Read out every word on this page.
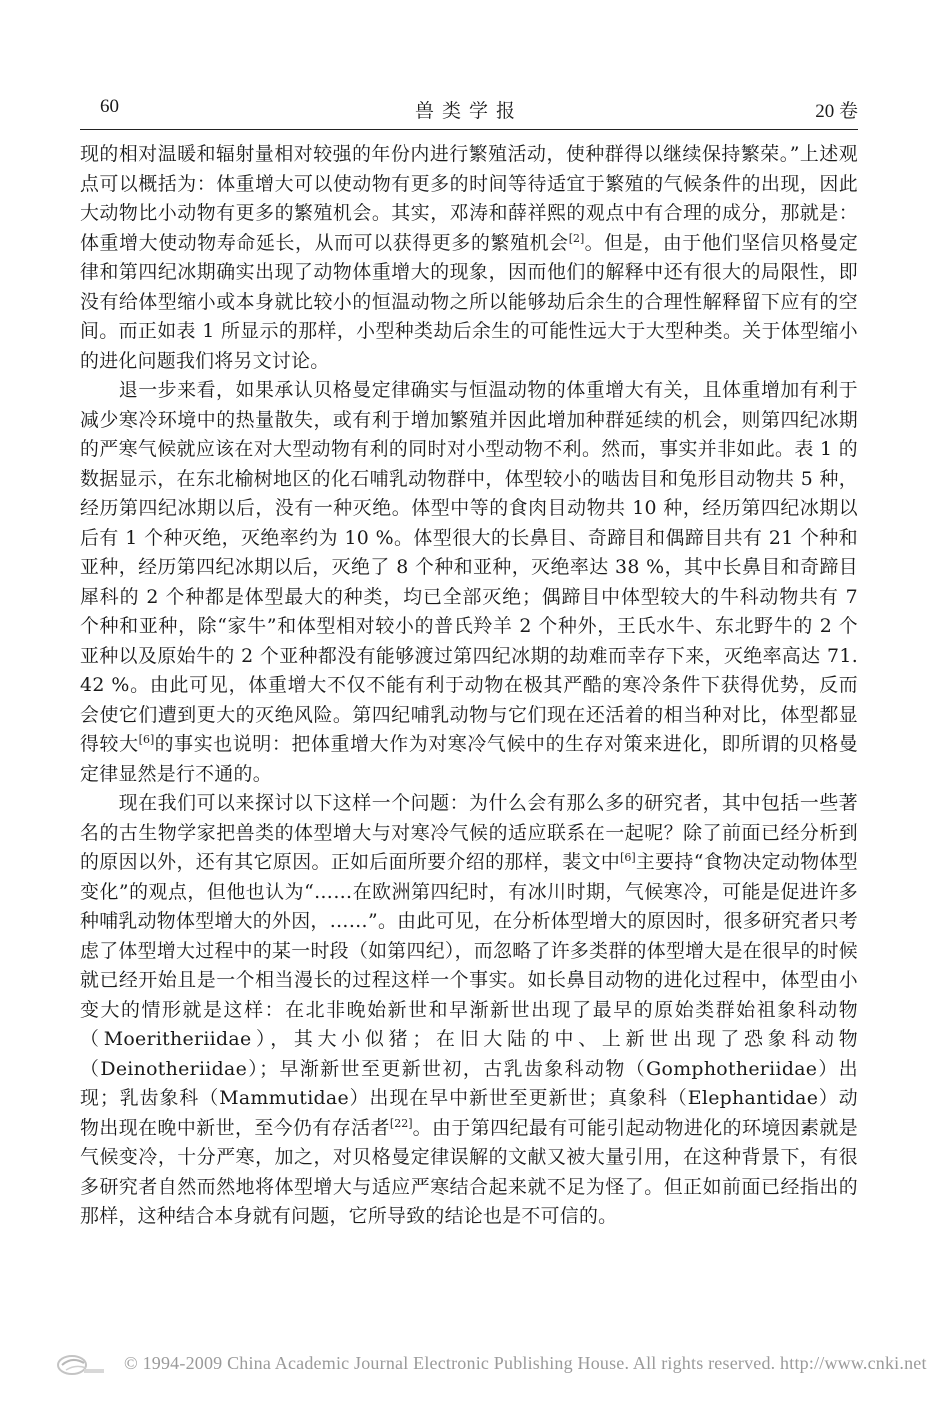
60	兽类学报	20 卷

现的相对温暖和辐射量相对较强的年份内进行繁殖活动，使种群得以继续保持繁荣。”上述观点可以概括为：体重增大可以使动物有更多的时间等待适宜于繁殖的气候条件的出现，因此大动物比小动物有更多的繁殖机会。其实，邓涛和薛祥熙的观点中有合理的成分，那就是：体重增大使动物寿命延长，从而可以获得更多的繁殖机会[2]。但是，由于他们坚信贝格曼定律和第四纪冰期确实出现了动物体重增大的现象，因而他们的解释中还有很大的局限性，即没有给体型缩小或本身就比较小的恒温动物之所以能够劫后余生的合理性解释留下应有的空间。而正如表 1 所显示的那样，小型种类劫后余生的可能性远大于大型种类。关于体型缩小的进化问题我们将另文讨论。

退一步来看，如果承认贝格曼定律确实与恒温动物的体重增大有关，且体重增加有利于减少寒冷环境中的热量散失，或有利于增加繁殖并因此增加种群延续的机会，则第四纪冰期的严寒气候就应该在对大型动物有利的同时对小型动物不利。然而，事实并非如此。表 1 的数据显示，在东北榆树地区的化石哺乳动物群中，体型较小的啮齿目和兔形目动物共 5 种，经历第四纪冰期以后，没有一种灭绝。体型中等的食肉目动物共 10 种，经历第四纪冰期以后有 1 个种灭绝，灭绝率约为 10 %。体型很大的长鼻目、奇蹄目和偶蹄目共有 21 个种和亚种，经历第四纪冰期以后，灭绝了 8 个种和亚种，灭绝率达 38 %，其中长鼻目和奇蹄目犀科的 2 个种都是体型最大的种类，均已全部灭绝；偶蹄目中体型较大的牛科动物共有 7 个种和亚种，除“家牛”和体型相对较小的普氏羚羊 2 个种外，王氏水牛、东北野牛的 2 个亚种以及原始牛的 2 个亚种都没有能够渡过第四纪冰期的劫难而幸存下来，灭绝率高达 71. 42 %。由此可见，体重增大不仅不能有利于动物在极其严酷的寒冷条件下获得优势，反而会使它们遭到更大的灭绝风险。第四纪哺乳动物与它们现在还活着的相当种对比，体型都显得较大[6]的事实也说明：把体重增大作为对寒冷气候中的生存对策来进化，即所谓的贝格曼定律显然是行不通的。

现在我们可以来探讨以下这样一个问题：为什么会有那么多的研究者，其中包括一些著名的古生物学家把兽类的体型增大与对寒冷气候的适应联系在一起呢？除了前面已经分析到的原因以外，还有其它原因。正如后面所要介绍的那样，裴文中[6]主要持“食物决定动物体型变化”的观点，但他也认为“……在欧洲第四纪时，有冰川时期，气候寒冷，可能是促进许多种哺乳动物体型增大的外因，……”。由此可见，在分析体型增大的原因时，很多研究者只考虑了体型增大过程中的某一时段（如第四纪），而忽略了许多类群的体型增大是在很早的时候就已经开始且是一个相当漫长的过程这样一个事实。如长鼻目动物的进化过程中，体型由小变大的情形就是这样：在北非晚始新世和早渐新世出现了最早的原始类群始祖象科动物（Moeritheriidae），其大小似猪；在旧大陆的中、上新世出现了恐象科动物（Deinotheriidae）；早渐新世至更新世初，古乳齿象科动物（Gomphotheriidae）出现；乳齿象科（Mammutidae）出现在早中新世至更新世；真象科（Elephantidae）动物出现在晚中新世，至今仍有存活者[22]。由于第四纪最有可能引起动物进化的环境因素就是气候变冷，十分严寒，加之，对贝格曼定律误解的文献又被大量引用，在这种背景下，有很多研究者自然而然地将体型增大与适应严寒结合起来就不足为怪了。但正如前面已经指出的那样，这种结合本身就有问题，它所导致的结论也是不可信的。

© 1994-2009 China Academic Journal Electronic Publishing House. All rights reserved. http://www.cnki.net
